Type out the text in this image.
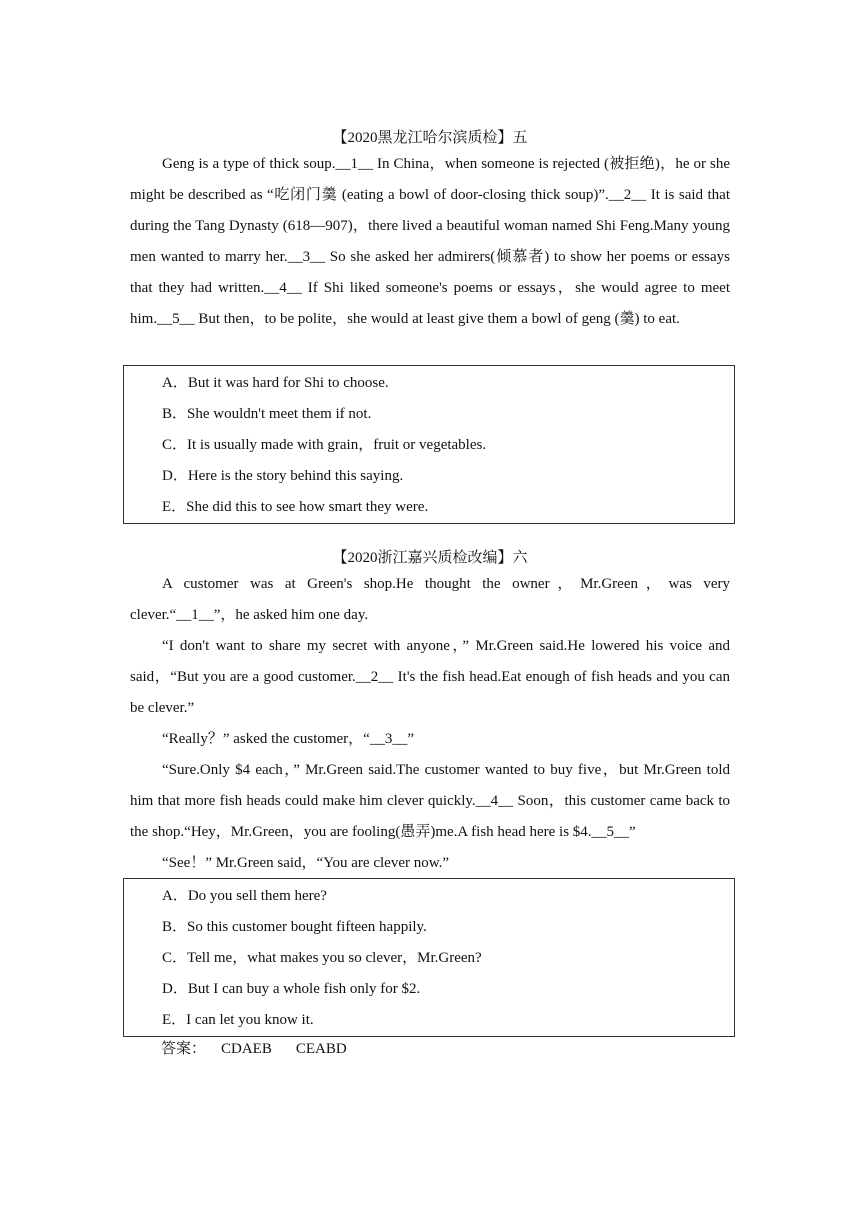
【2020黑龙江哈尔滨质检】五

Geng is a type of thick soup.__1__ In China，when someone is rejected (被拒绝)，he or she might be described as “吃闭门羹 (eating a bowl of door-closing thick soup)”.__2__ It is said that during the Tang Dynasty (618—907)，there lived a beautiful woman named Shi Feng.Many young men wanted to marry her.__3__ So she asked her admirers(倾慕者) to show her poems or essays that they had written.__4__ If Shi liked someone's poems or essays，she would agree to meet him.__5__ But then，to be polite，she would at least give them a bowl of geng (羹) to eat.

A．But it was hard for Shi to choose.
B．She wouldn't meet them if not.
C．It is usually made with grain，fruit or vegetables.
D．Here is the story behind this saying.
E．She did this to see how smart they were.

【2020浙江嘉兴质检改编】六

A customer was at Green's shop.He thought the owner，Mr.Green，was very clever.“__1__”，he asked him one day.

“I don't want to share my secret with anyone，” Mr.Green said.He lowered his voice and said，“But you are a good customer.__2__ It's the fish head.Eat enough of fish heads and you can be clever.”

“Really？” asked the customer，“__3__”

“Sure.Only $4 each，” Mr.Green said.The customer wanted to buy five，but Mr.Green told him that more fish heads could make him clever quickly.__4__ Soon，this customer came back to the shop.“Hey，Mr.Green，you are fooling(愚弄)me.A fish head here is $4.__5__”

“See！” Mr.Green said，“You are clever now.”

A．Do you sell them here?
B．So this customer bought fifteen happily.
C．Tell me，what makes you so clever，Mr.Green?
D．But I can buy a whole fish only for $2.
E．I can let you know it.
答案： CDAEB CEABD
